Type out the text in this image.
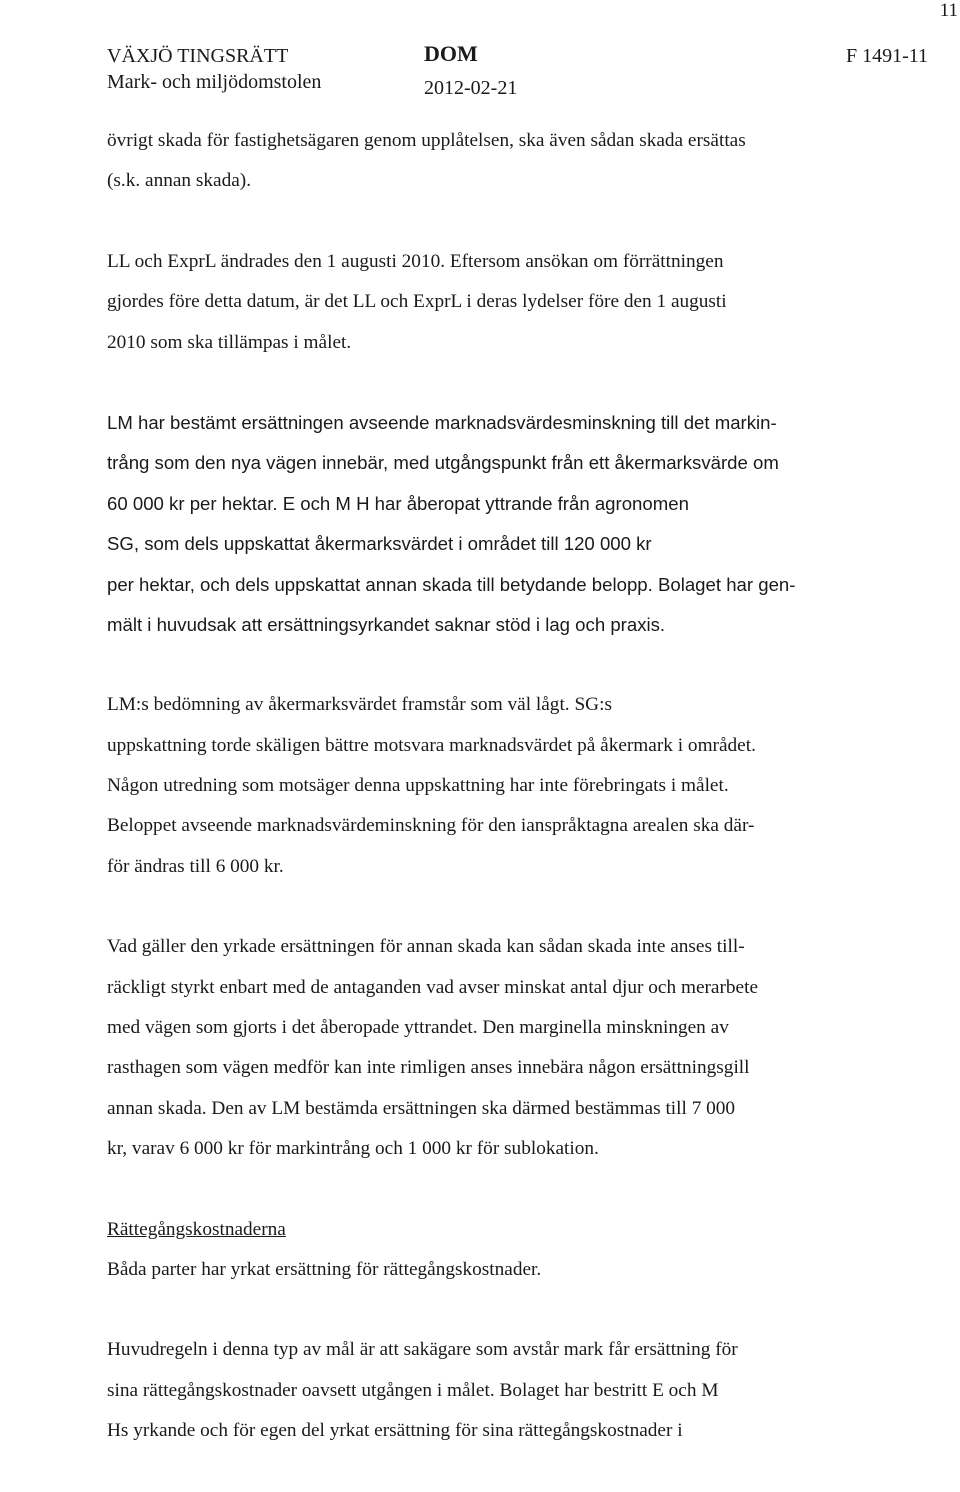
11
VÄXJÖ TINGSRÄTT
Mark- och miljödomstolen
DOM
2012-02-21
F 1491-11
övrigt skada för fastighetsägaren genom upplåtelsen, ska även sådan skada ersättas
(s.k. annan skada).
LL och ExprL ändrades den 1 augusti 2010. Eftersom ansökan om förrättningen
gjordes före detta datum, är det LL och ExprL i deras lydelser före den 1 augusti
2010 som ska tillämpas i målet.
LM har bestämt ersättningen avseende marknadsvärdesminskning till det markin-
trång som den nya vägen innebär, med utgångspunkt från ett åkermarksvärde om
60 000 kr per hektar. E och M H har åberopat yttrande från agronomen
SG, som dels uppskattat åkermarksvärdet i området till 120 000 kr
per hektar, och dels uppskattat annan skada till betydande belopp. Bolaget har gen-
mält i huvudsak att ersättningsyrkandet saknar stöd i lag och praxis.
LM:s bedömning av åkermarksvärdet framstår som väl lågt. SG:s
uppskattning torde skäligen bättre motsvara marknadsvärdet på åkermark i området.
Någon utredning som motsäger denna uppskattning har inte förebringats i målet.
Beloppet avseende marknadsvärdeminskning för den ianspråktagna arealen ska där-
för ändras till 6 000 kr.
Vad gäller den yrkade ersättningen för annan skada kan sådan skada inte anses till-
räckligt styrkt enbart med de antaganden vad avser minskat antal djur och merarbete
med vägen som gjorts i det åberopade yttrandet. Den marginella minskningen av
rasthagen som vägen medför kan inte rimligen anses innebära någon ersättningsgill
annan skada. Den av LM bestämda ersättningen ska därmed bestämmas till 7 000
kr, varav 6 000 kr för markintrång och 1 000 kr för sublokation.
Rättegångskostnaderna
Båda parter har yrkat ersättning för rättegångskostnader.
Huvudregeln i denna typ av mål är att sakägare som avstår mark får ersättning för
sina rättegångskostnader oavsett utgången i målet. Bolaget har bestritt E och M
Hs yrkande och för egen del yrkat ersättning för sina rättegångskostnader i
